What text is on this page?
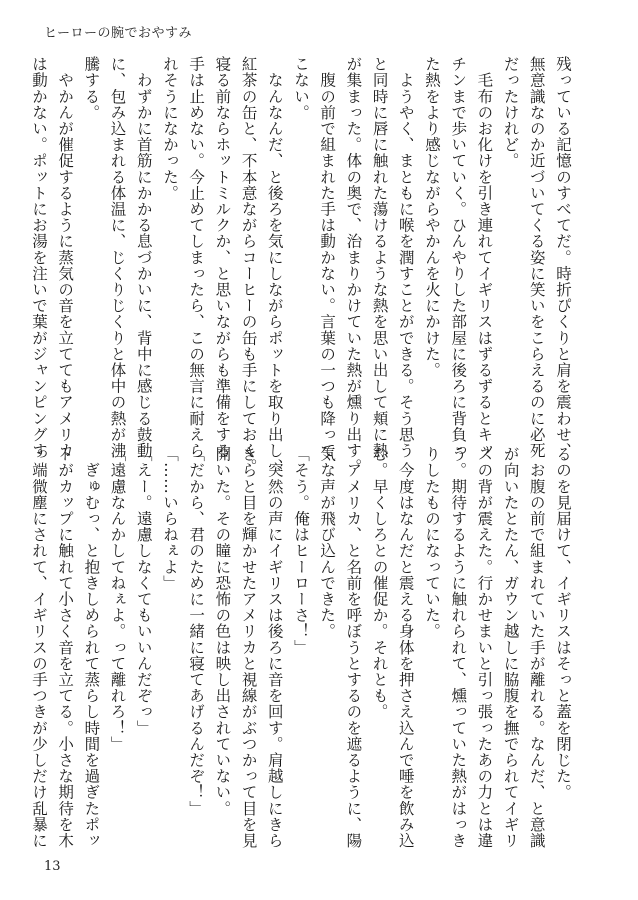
ヒーローの腕でおやすみ

残っている記憶のすべてだ。時折ぴくりと肩を震わせ、

無意識なのか近づいてくる姿に笑いをこらえるのに必死

だったけれど。

　毛布のお化けを引き連れてイギリスはずるずるとキッ

チンまで歩いていく。ひんやりした部屋に後ろに背負っ

た熱をより感じながらやかんを火にかけた。

　ようやく、まともに喉を潤すことができる。そう思う

と同時に唇に触れた蕩けるような熱を思い出して頬に熱

が集まった。体の奥で、治まりかけていた熱が燻り出す。

　腹の前で組まれた手は動かない。言葉の一つも降って

こない。

　なんなんだ、と後ろを気にしながらポットを取り出し、

紅茶の缶と、不本意ながらコーヒーの缶も手にしておく。

寝る前ならホットミルクか、と思いながらも準備をする

手は止めない。今止めてしまったら、この無言に耐えら

れそうになかった。

　わずかに首筋にかかる息づかいに、背中に感じる鼓動

に、包み込まれる体温に、じくりじくりと体中の熱が沸

騰する。

　やかんが催促するように蒸気の音を立ててもアメリカ

は動かない。ポットにお湯を注いで葉がジャンピングす

るのを見届けて、イギリスはそっと蓋を閉じた。

　お腹の前で組まれていた手が離れる。なんだ、と意識

が向いたとたん、ガウン越しに脇腹を撫でられてイギリ

スの背が震えた。行かせまいと引っ張ったあの力とは違

う。期待するように触れられて、燻っていた熱がはっき

りしたものになっていた。

　今度はなんだと震える身体を押さえ込んで唾を飲み込

む。早くしろとの催促か。それとも。

　アメリカ、と名前を呼ぼうとするのを遮るように、陽

気な声が飛び込んできた。

「そう。俺はヒーローさ！」

　突然の声にイギリスは後ろに音を回す。肩越しにきら

きらと目を輝かせたアメリカと視線がぶつかって目を見

開いた。その瞳に恐怖の色は映し出されていない。

「だから、君のために一緒に寝てあげるんだぞ！」

「……いらねぇよ」

「えー。遠慮しなくてもいいんだぞっ」

「遠慮なんかしてねぇよ。って離れろ！」

　ぎゅむっ、と抱きしめられて蒸らし時間を過ぎたポッ

トがカップに触れて小さく音を立てる。小さな期待を木

っ端微塵にされて、イギリスの手つきが少しだけ乱暴に

13
